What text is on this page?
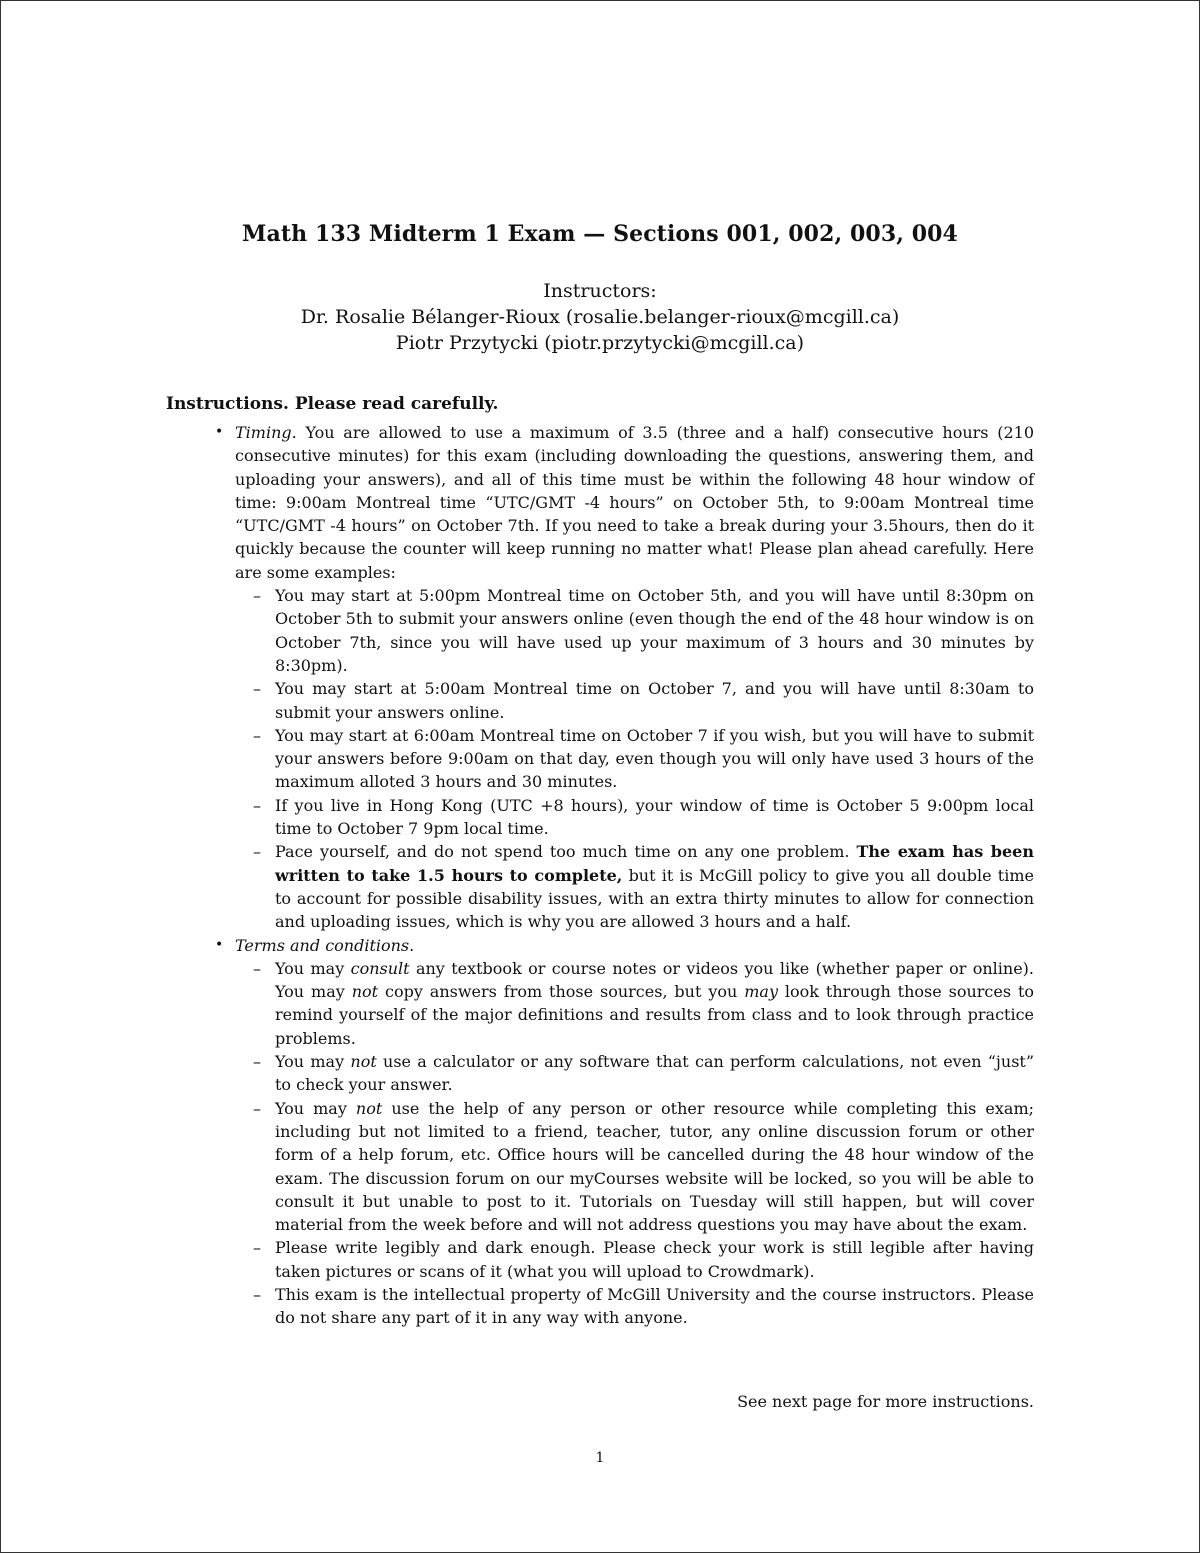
Math 133 Midterm 1 Exam — Sections 001, 002, 003, 004
Instructors:
Dr. Rosalie Bélanger-Rioux (rosalie.belanger-rioux@mcgill.ca)
Piotr Przytycki (piotr.przytycki@mcgill.ca)
Instructions. Please read carefully.
• Timing. You are allowed to use a maximum of 3.5 (three and a half) consecutive hours (210 consecutive minutes) for this exam (including downloading the questions, answering them, and uploading your answers), and all of this time must be within the following 48 hour window of time: 9:00am Montreal time “UTC/GMT -4 hours” on October 5th, to 9:00am Montreal time “UTC/GMT -4 hours” on October 7th. If you need to take a break during your 3.5hours, then do it quickly because the counter will keep running no matter what! Please plan ahead carefully. Here are some examples:
– You may start at 5:00pm Montreal time on October 5th, and you will have until 8:30pm on October 5th to submit your answers online (even though the end of the 48 hour window is on October 7th, since you will have used up your maximum of 3 hours and 30 minutes by 8:30pm).
– You may start at 5:00am Montreal time on October 7, and you will have until 8:30am to submit your answers online.
– You may start at 6:00am Montreal time on October 7 if you wish, but you will have to submit your answers before 9:00am on that day, even though you will only have used 3 hours of the maximum alloted 3 hours and 30 minutes.
– If you live in Hong Kong (UTC +8 hours), your window of time is October 5 9:00pm local time to October 7 9pm local time.
– Pace yourself, and do not spend too much time on any one problem. The exam has been written to take 1.5 hours to complete, but it is McGill policy to give you all double time to account for possible disability issues, with an extra thirty minutes to allow for connection and uploading issues, which is why you are allowed 3 hours and a half.
• Terms and conditions.
– You may consult any textbook or course notes or videos you like (whether paper or online). You may not copy answers from those sources, but you may look through those sources to remind yourself of the major definitions and results from class and to look through practice problems.
– You may not use a calculator or any software that can perform calculations, not even “just” to check your answer.
– You may not use the help of any person or other resource while completing this exam; including but not limited to a friend, teacher, tutor, any online discussion forum or other form of a help forum, etc. Office hours will be cancelled during the 48 hour window of the exam. The discussion forum on our myCourses website will be locked, so you will be able to consult it but unable to post to it. Tutorials on Tuesday will still happen, but will cover material from the week before and will not address questions you may have about the exam.
– Please write legibly and dark enough. Please check your work is still legible after having taken pictures or scans of it (what you will upload to Crowdmark).
– This exam is the intellectual property of McGill University and the course instructors. Please do not share any part of it in any way with anyone.
See next page for more instructions.
1
